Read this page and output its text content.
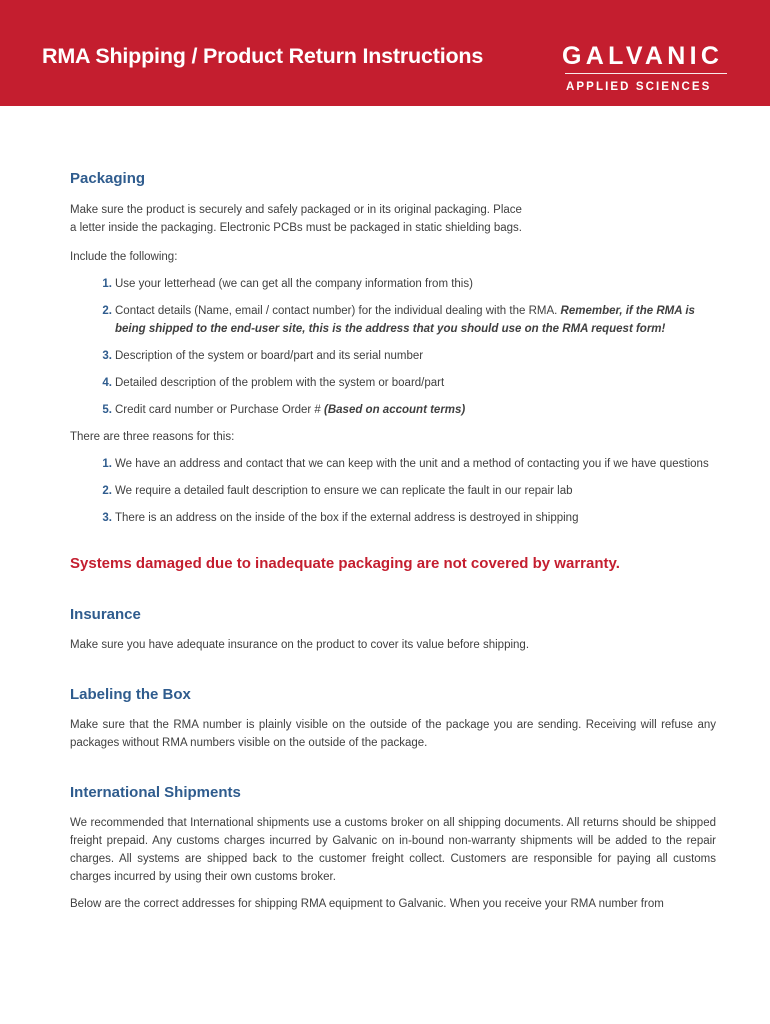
RMA Shipping / Product Return Instructions	GALVANIC
APPLIED SCIENCES
Packaging

Make sure the product is securely and safely packaged or in its original packaging. Place

a letter inside the packaging. Electronic PCBs must be packaged in static shielding bags.

Include the following:

1. Use your letterhead (we can get all the company information from this)
2. Contact details (Name, email / contact number) for the individual dealing with the RMA. Remember, if the RMA is being shipped to the end-user site, this is the address that you should use on the RMA request form!
3. Description of the system or board/part and its serial number
4. Detailed description of the problem with the system or board/part
5. Credit card number or Purchase Order # (Based on account terms)

There are three reasons for this:

1. We have an address and contact that we can keep with the unit and a method of contacting you if we have questions
2. We require a detailed fault description to ensure we can replicate the fault in our repair lab
3. There is an address on the inside of the box if the external address is destroyed in shipping

Systems damaged due to inadequate packaging are not covered by warranty.

Insurance

Make sure you have adequate insurance on the product to cover its value before shipping.

Labeling the Box

Make sure that the RMA number is plainly visible on the outside of the package you are sending. Receiving will refuse any packages without RMA numbers visible on the outside of the package.

International Shipments

We recommended that International shipments use a customs broker on all shipping documents. All returns should be shipped freight prepaid. Any customs charges incurred by Galvanic on in-bound non-warranty shipments will be added to the repair charges. All systems are shipped back to the customer freight collect. Customers are responsible for paying all customs charges incurred by using their own customs broker.

Below are the correct addresses for shipping RMA equipment to Galvanic. When you receive your RMA number from
